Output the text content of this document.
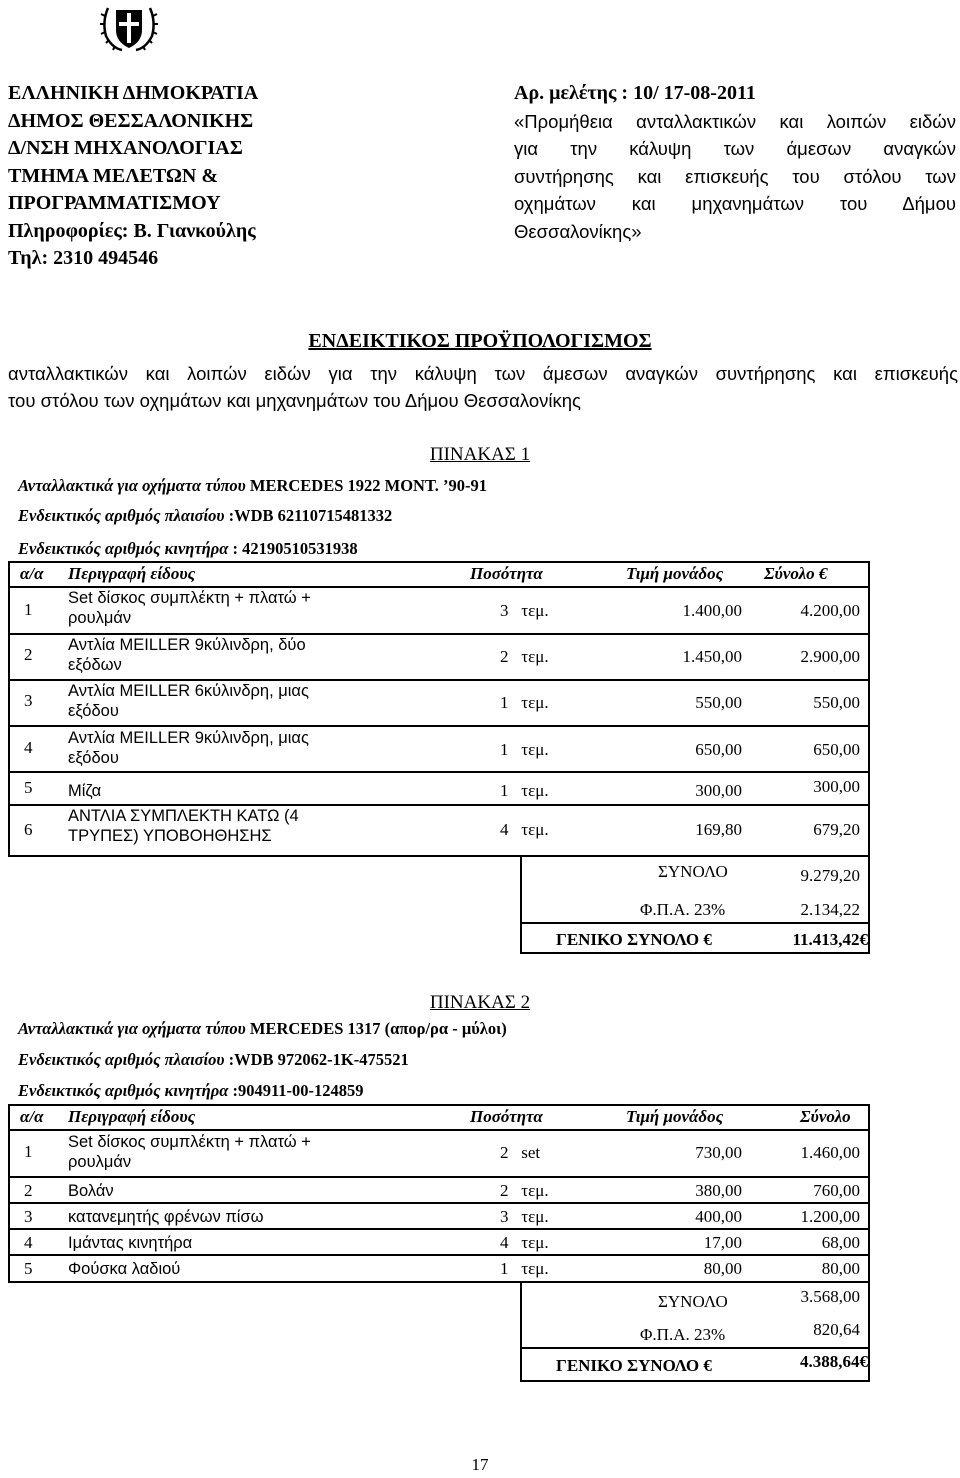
ΕΛΛΗΝΙΚΗ ΔΗΜΟΚΡΑΤΙΑ
ΔΗΜΟΣ ΘΕΣΣΑΛΟΝΙΚΗΣ
Δ/ΝΣΗ ΜΗΧΑΝΟΛΟΓΙΑΣ
ΤΜΗΜΑ ΜΕΛΕΤΩΝ &
ΠΡΟΓΡΑΜΜΑΤΙΣΜΟΥ
Πληροφορίες: Β. Γιανκούλης
Τηλ: 2310 494546
Αρ. μελέτης : 10/ 17-08-2011
«Προμήθεια ανταλλακτικών και λοιπών ειδών
για την κάλυψη των άμεσων αναγκών
συντήρησης και επισκευής του στόλου των
οχημάτων και μηχανημάτων του Δήμου
Θεσσαλονίκης»
ΕΝΔΕΙΚΤΙΚΟΣ ΠΡΟΫΠΟΛΟΓΙΣΜΟΣ
ανταλλακτικών και λοιπών ειδών για την κάλυψη των άμεσων αναγκών συντήρησης και επισκευής
του στόλου των οχημάτων και μηχανημάτων του Δήμου Θεσσαλονίκης
ΠΙΝΑΚΑΣ 1
Ανταλλακτικά για οχήματα τύπου MERCEDES 1922 ΜΟΝΤ. ’90-91
Ενδεικτικός αριθμός πλαισίου :WDB 62110715481332
Ενδεικτικός αριθμός κινητήρα : 4219051053193​8
α/α Περιγραφή είδους	Ποσότητα	Τιμή μονάδος Σύνολο €
1
Set δίσκος συμπλέκτη + πλατώ +
ρουλμάν	3 τεμ.	1.400,00	4.200,00
2 Αντλία MEILLER 9κύλινδρη, δύο
εξόδων	2 τεμ.	1.450,00	2.900,00
3 Αντλία MEILLER 6κύλινδρη, μιας
εξόδου	1 τεμ.	550,00	550,00
4 Αντλία MEILLER 9κύλινδρη, μιας
εξόδου	1 τεμ.	650,00	650,00
5 Μίζα	1 τεμ.	300,00	300,00
6
ΑΝΤΛΙΑ ΣΥΜΠΛΕΚΤΗ ΚΑΤΩ (4
ΤΡΥΠΕΣ) ΥΠΟΒΟΗΘΗΣΗΣ	4 τεμ.	169,80	679,20
ΣΥΝΟΛΟ	9.279,20
Φ.Π.Α. 23%	2.134,22
ΓΕΝΙΚΟ ΣΥΝΟΛΟ €	11.413,42€
ΠΙΝΑΚΑΣ 2
Ανταλλακτικά για οχήματα τύπου MERCEDES 1317 (απορ/ρα - μύλοι)
Ενδεικτικός αριθμός πλαισίου :WDB 972062-1K-475521
Ενδεικτικός αριθμός κινητήρα :904911-00-124859
α/α Περιγραφή είδους	Ποσότητα	Τιμή μονάδος	Σύνολο
1 Set δίσκος συμπλέκτη + πλατώ +
ρουλμάν	2 set	730,00	1.460,00
2 Βολάν	2 τεμ.	380,00	760,00
3 κατανεμητής φρένων πίσω	3 τεμ.	400,00	1.200,00
4 Ιμάντας κινητήρα	4 τεμ.	17,00	68,00
5 Φούσκα λαδιού	1 τεμ.	80,00	80,00
ΣΥΝΟΛΟ	3.568,00
Φ.Π.Α. 23%	820,64
ΓΕΝΙΚΟ ΣΥΝΟΛΟ €	4.388,64€
17
